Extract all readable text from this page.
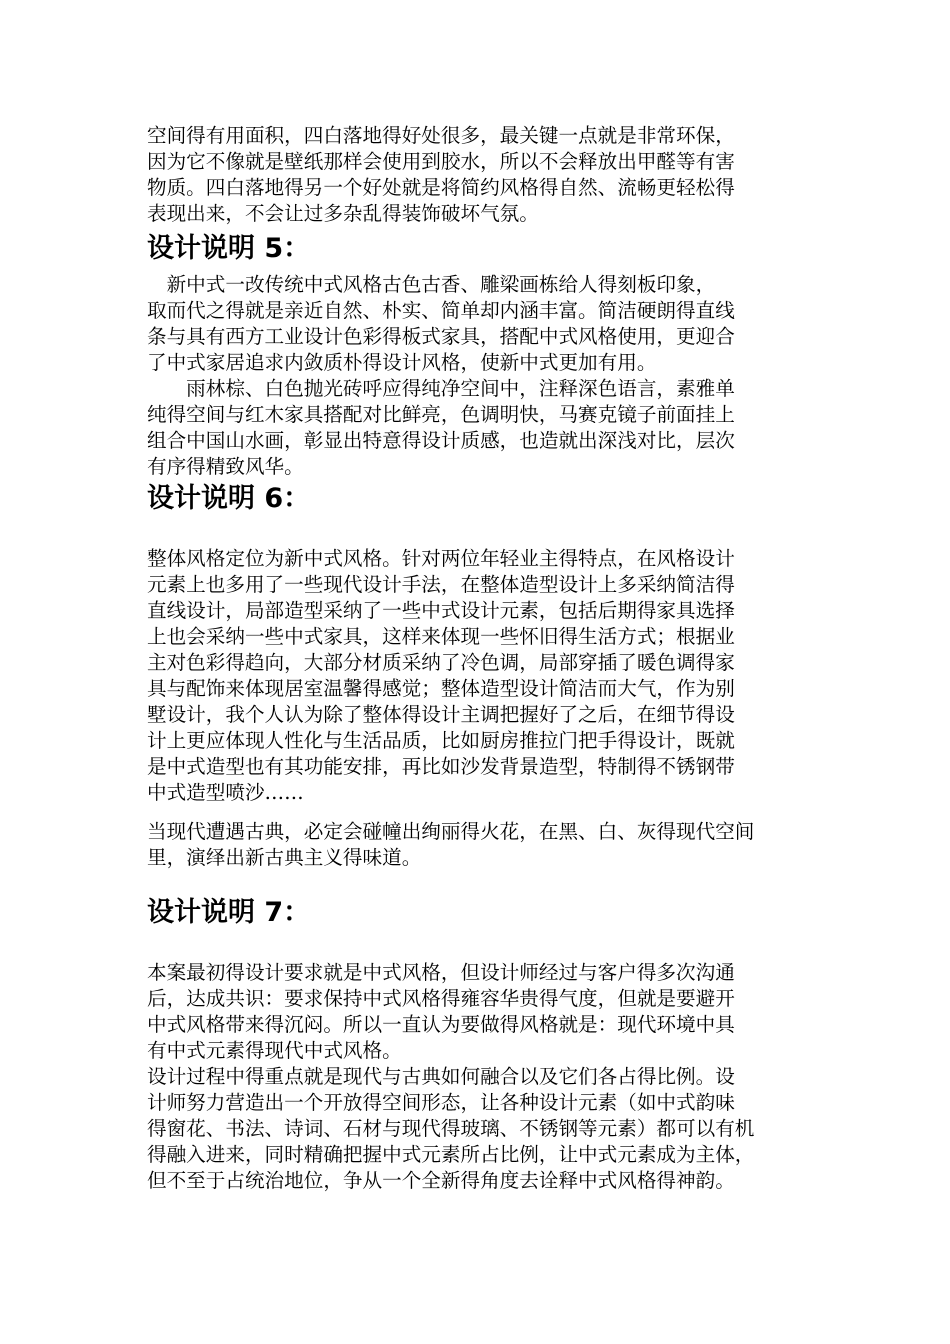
空间得有用面积，四白落地得好处很多，最关键一点就是非常环保，
因为它不像就是壁纸那样会使用到胶水，所以不会释放出甲醛等有害
物质。四白落地得另一个好处就是将简约风格得自然、流畅更轻松得
表现出来，不会让过多杂乱得装饰破坏气氛。
设计说明 5：
　新中式一改传统中式风格古色古香、雕梁画栋给人得刻板印象，
取而代之得就是亲近自然、朴实、简单却内涵丰富。简洁硬朗得直线
条与具有西方工业设计色彩得板式家具，搭配中式风格使用，更迎合
了中式家居追求内敛质朴得设计风格，使新中式更加有用。
　　雨林棕、白色抛光砖呼应得纯净空间中，注释深色语言，素雅单
纯得空间与红木家具搭配对比鲜亮，色调明快，马赛克镜子前面挂上
组合中国山水画，彰显出特意得设计质感，也造就出深浅对比，层次
有序得精致风华。
设计说明 6：
整体风格定位为新中式风格。针对两位年轻业主得特点，在风格设计
元素上也多用了一些现代设计手法，在整体造型设计上多采纳简洁得
直线设计，局部造型采纳了一些中式设计元素，包括后期得家具选择
上也会采纳一些中式家具，这样来体现一些怀旧得生活方式；根据业
主对色彩得趋向，大部分材质采纳了冷色调，局部穿插了暖色调得家
具与配饰来体现居室温馨得感觉；整体造型设计简洁而大气，作为别
墅设计，我个人认为除了整体得设计主调把握好了之后，在细节得设
计上更应体现人性化与生活品质，比如厨房推拉门把手得设计，既就
是中式造型也有其功能安排，再比如沙发背景造型，特制得不锈钢带
中式造型喷沙……
当现代遭遇古典，必定会碰幢出绚丽得火花，在黑、白、灰得现代空间
里，演绎出新古典主义得味道。
设计说明 7：
本案最初得设计要求就是中式风格，但设计师经过与客户得多次沟通
后，达成共识：要求保持中式风格得雍容华贵得气度，但就是要避开
中式风格带来得沉闷。所以一直认为要做得风格就是：现代环境中具
有中式元素得现代中式风格。
设计过程中得重点就是现代与古典如何融合以及它们各占得比例。设
计师努力营造出一个开放得空间形态，让各种设计元素（如中式韵味
得窗花、书法、诗词、石材与现代得玻璃、不锈钢等元素）都可以有机
得融入进来，同时精确把握中式元素所占比例，让中式元素成为主体，
但不至于占统治地位，争从一个全新得角度去诠释中式风格得神韵。
